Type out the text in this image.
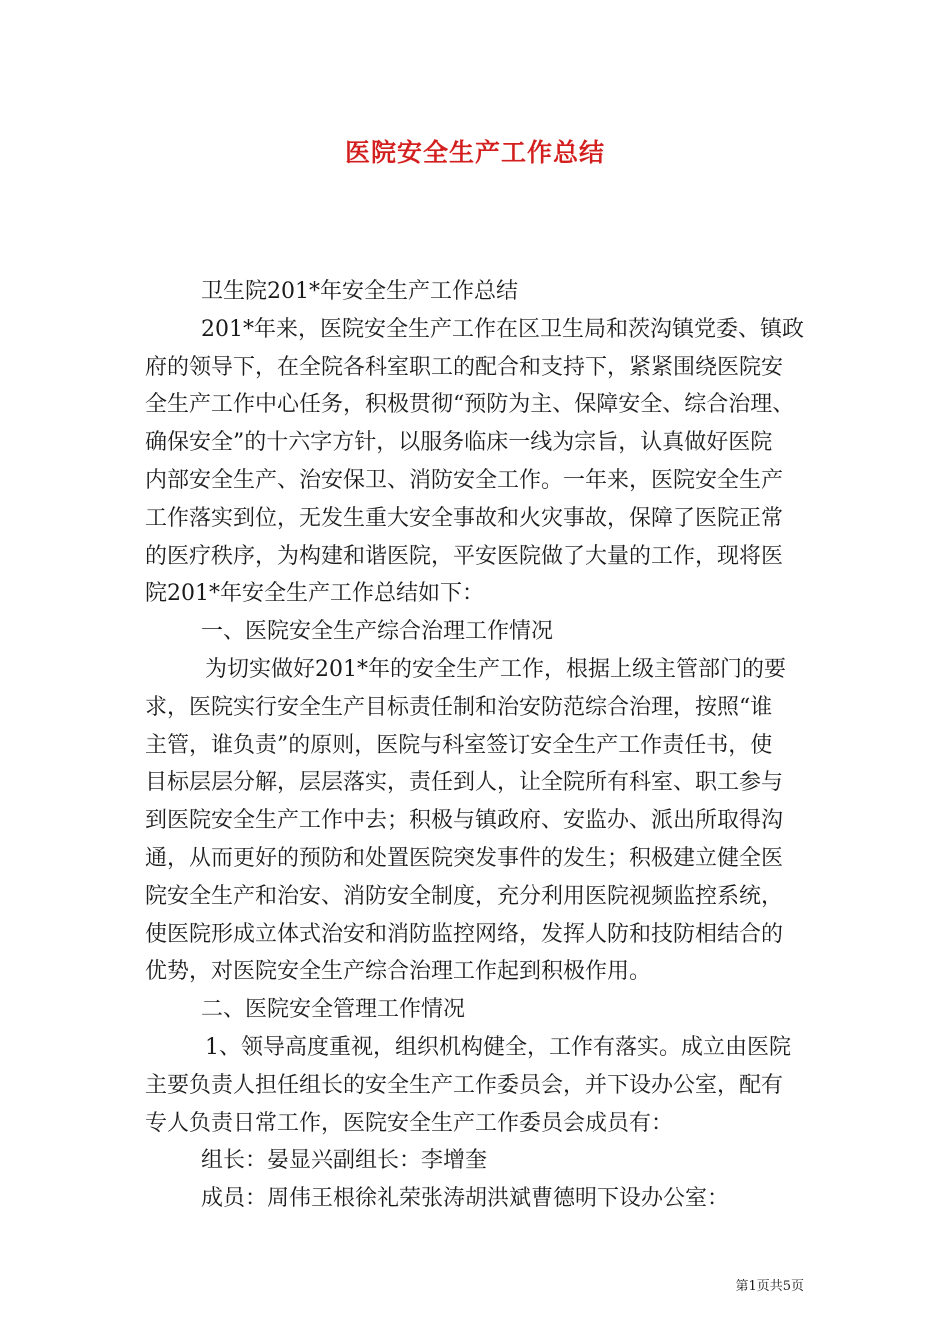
医院安全生产工作总结
卫生院201*年安全生产工作总结
201*年来，医院安全生产工作在区卫生局和茨沟镇党委、镇政
府的领导下，在全院各科室职工的配合和支持下，紧紧围绕医院安
全生产工作中心任务，积极贯彻“预防为主、保障安全、综合治理、
确保安全”的十六字方针，以服务临床一线为宗旨，认真做好医院
内部安全生产、治安保卫、消防安全工作。一年来，医院安全生产
工作落实到位，无发生重大安全事故和火灾事故，保障了医院正常
的医疗秩序，为构建和谐医院，平安医院做了大量的工作，现将医
院201*年安全生产工作总结如下：
一、医院安全生产综合治理工作情况
为切实做好201*年的安全生产工作，根据上级主管部门的要
求，医院实行安全生产目标责任制和治安防范综合治理，按照“谁
主管，谁负责”的原则，医院与科室签订安全生产工作责任书，使
目标层层分解，层层落实，责任到人，让全院所有科室、职工参与
到医院安全生产工作中去；积极与镇政府、安监办、派出所取得沟
通，从而更好的预防和处置医院突发事件的发生；积极建立健全医
院安全生产和治安、消防安全制度，充分利用医院视频监控系统，
使医院形成立体式治安和消防监控网络，发挥人防和技防相结合的
优势，对医院安全生产综合治理工作起到积极作用。
二、医院安全管理工作情况
1、领导高度重视，组织机构健全，工作有落实。成立由医院
主要负责人担任组长的安全生产工作委员会，并下设办公室，配有
专人负责日常工作，医院安全生产工作委员会成员有：
组长：晏显兴副组长：李增奎
成员：周伟王根徐礼荣张涛胡洪斌曹德明下设办公室：
第1页共5页
